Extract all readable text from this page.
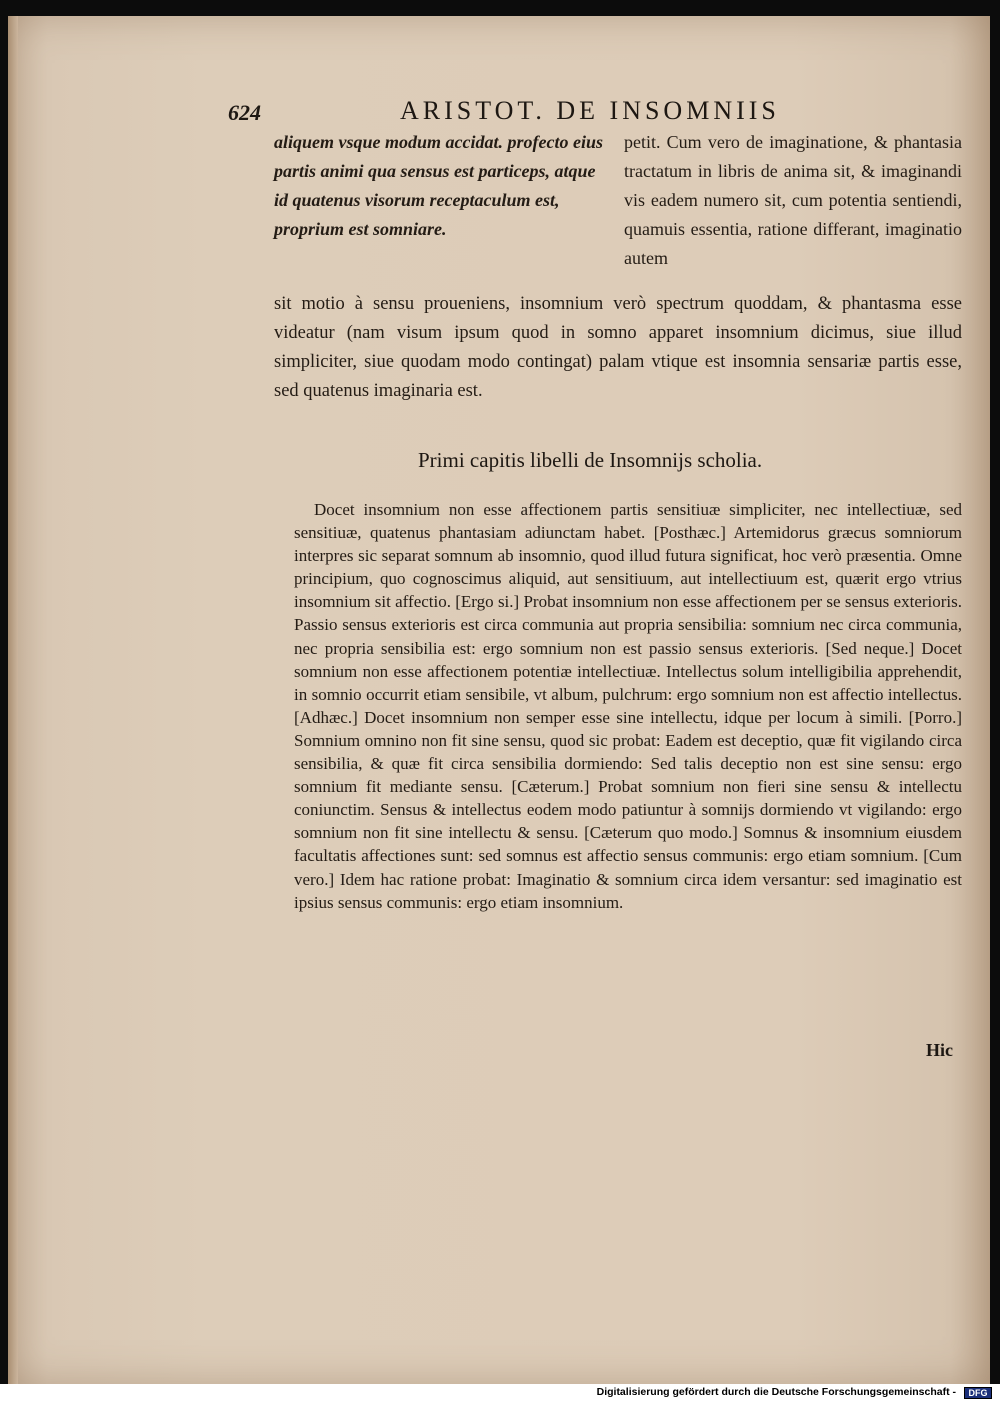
624	ARISTOT. DE INSOMNIIS

aliquem vsque modum accidat. profecto eius partis animi qua sensus est particeps, atque id quatenus visorum receptaculum est, proprium est somniare.

petit. Cum vero de imaginatione, & phantasia tractatum in libris de anima sit, & imaginandi vis eadem numero sit, cum potentia sentiendi, quamuis essentia, ratione differant, imaginatio autem

sit motio à sensu proueniens, insomnium verò spectrum quoddam, & phantasma esse videatur (nam visum ipsum quod in somno apparet insomnium dicimus, siue illud simpliciter, siue quodam modo contingat) palam vtique est insomnia sensariæ partis esse, sed quatenus imaginaria est.

Primi capitis libelli de Insomnijs scholia.

Docet insomnium non esse affectionem partis sensitiuæ simpliciter, nec intellectiuæ, sed sensitiuæ, quatenus phantasiam adiunctam habet. [Posthæc.] Artemidorus græcus somniorum interpres sic separat somnum ab insomnio, quod illud futura significat, hoc verò præsentia. Omne principium, quo cognoscimus aliquid, aut sensitiuum, aut intellectiuum est, quærit ergo vtrius insomnium sit affectio. [Ergo si.] Probat insomnium non esse affectionem per se sensus exterioris. Passio sensus exterioris est circa communia aut propria sensibilia: somnium nec circa communia, nec propria sensibilia est: ergo somnium non est passio sensus exterioris. [Sed neque.] Docet somnium non esse affectionem potentiæ intellectiuæ. Intellectus solum intelligibilia apprehendit, in somnio occurrit etiam sensibile, vt album, pulchrum: ergo somnium non est affectio intellectus. [Adhæc.] Docet insomnium non semper esse sine intellectu, idque per locum à simili. [Porro.] Somnium omnino non fit sine sensu, quod sic probat: Eadem est deceptio, quæ fit vigilando circa sensibilia, & quæ fit circa sensibilia dormiendo: Sed talis deceptio non est sine sensu: ergo somnium fit mediante sensu. [Cæterum.] Probat somnium non fieri sine sensu & intellectu coniunctim. Sensus & intellectus eodem modo patiuntur à somnijs dormiendo vt vigilando: ergo somnium non fit sine intellectu & sensu. [Cæterum quo modo.] Somnus & insomnium eiusdem facultatis affectiones sunt: sed somnus est affectio sensus communis: ergo etiam somnium. [Cum vero.] Idem hac ratione probat: Imaginatio & somnium circa idem versantur: sed imaginatio est ipsius sensus communis: ergo etiam insomnium.

Hic
Digitalisierung gefördert durch die Deutsche Forschungsgemeinschaft -	DFG
